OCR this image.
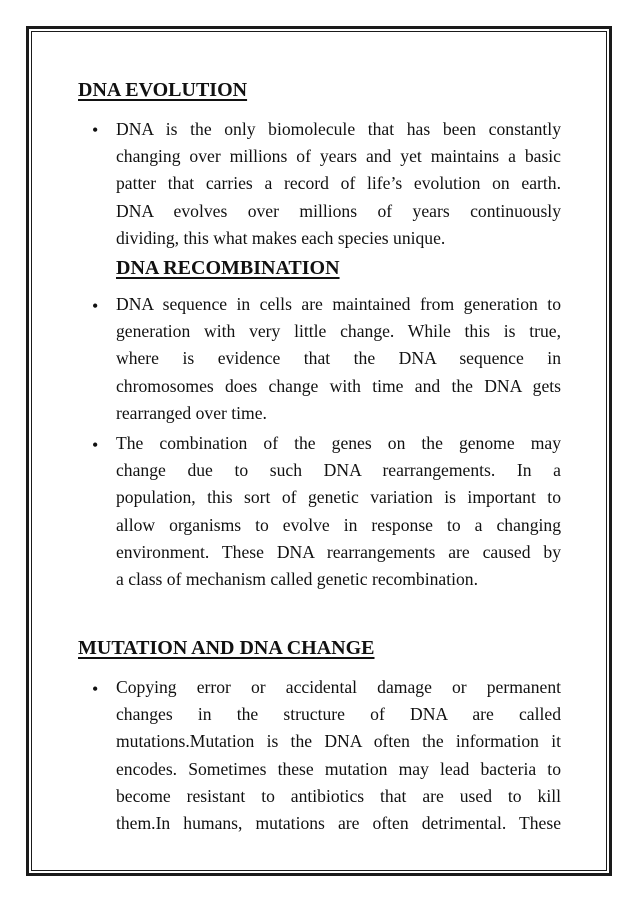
DNA EVOLUTION
• DNA is the only biomolecule that has been constantly
changing over millions of years and yet maintains a basic
patter that carries a record of life’s evolution on earth.
DNA evolves over millions of years continuously
dividing, this what makes each species unique.

DNA RECOMBINATION
• DNA sequence in cells are maintained from generation to
generation with very little change. While this is true,
where is evidence that the DNA sequence in
chromosomes does change with time and the DNA gets
rearranged over time.

• The combination of the genes on the genome may
change due to such DNA rearrangements. In a
population, this sort of genetic variation is important to
allow organisms to evolve in response to a changing
environment. These DNA rearrangements are caused by
a class of mechanism called genetic recombination.

MUTATION AND DNA CHANGE
• Copying error or accidental damage or permanent
changes in the structure of DNA are called
mutations.Mutation is the DNA often the information it
encodes. Sometimes these mutation may lead bacteria to
become resistant to antibiotics that are used to kill
them.In humans, mutations are often detrimental. These
